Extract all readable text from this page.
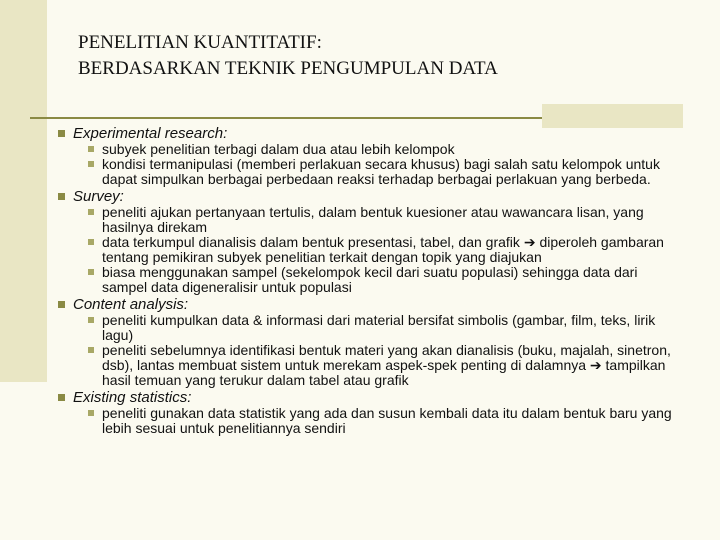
PENELITIAN KUANTITATIF:
BERDASARKAN TEKNIK PENGUMPULAN DATA
Experimental research:
subyek penelitian terbagi dalam dua atau lebih kelompok
kondisi termanipulasi (memberi perlakuan secara khusus) bagi salah satu kelompok untuk dapat simpulkan berbagai perbedaan reaksi terhadap berbagai perlakuan yang berbeda.
Survey:
peneliti ajukan pertanyaan tertulis, dalam bentuk kuesioner atau wawancara lisan, yang hasilnya direkam
data terkumpul dianalisis dalam bentuk presentasi, tabel, dan grafik ➔ diperoleh gambaran tentang pemikiran subyek penelitian terkait dengan topik yang diajukan
biasa menggunakan sampel (sekelompok kecil dari suatu populasi) sehingga data dari sampel data digeneralisir untuk populasi
Content analysis:
peneliti kumpulkan data & informasi dari material bersifat simbolis (gambar, film, teks, lirik lagu)
peneliti sebelumnya identifikasi bentuk materi yang akan dianalisis (buku, majalah, sinetron, dsb), lantas membuat sistem untuk merekam aspek-spek penting di dalamnya ➔ tampilkan hasil temuan yang terukur dalam tabel atau grafik
Existing statistics:
peneliti gunakan data statistik yang ada dan susun kembali data itu dalam bentuk baru yang lebih sesuai untuk penelitiannya sendiri
